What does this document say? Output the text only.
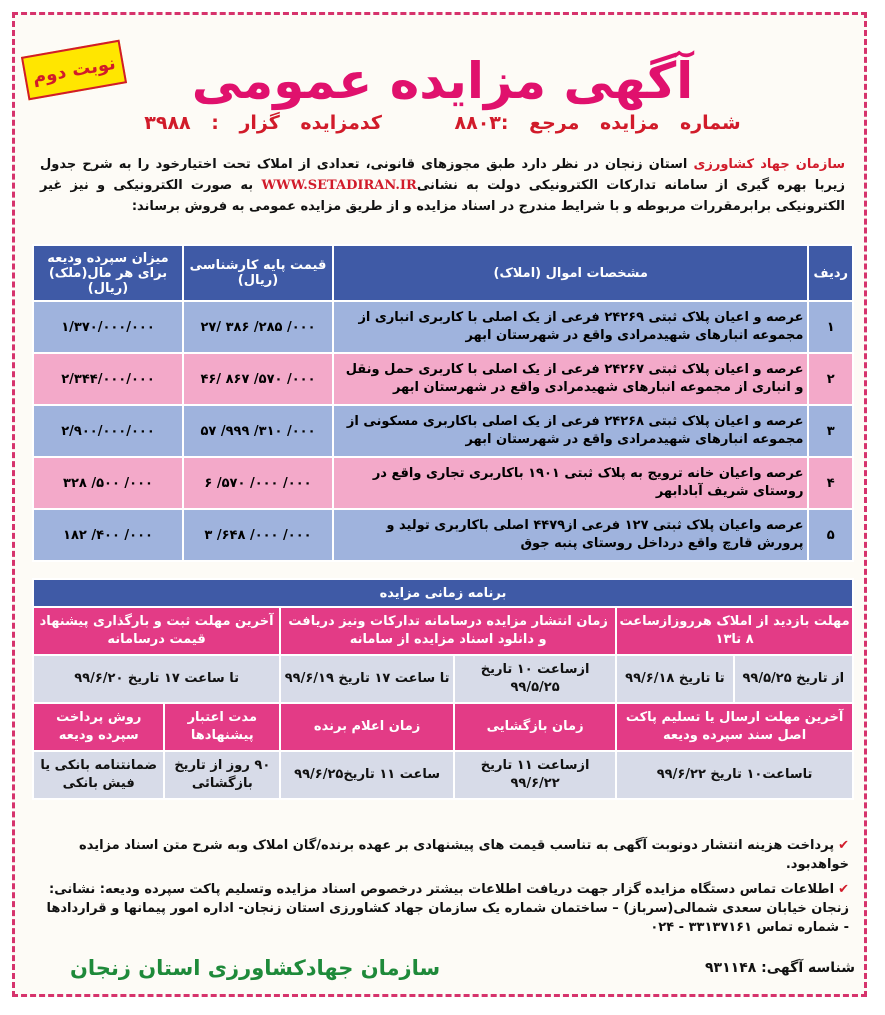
نوبت دوم	آگهی مزایده عمومی
شماره مزایده مرجع :۸۸۰۳ کدمزایده گزار : ۳۹۸۸
سازمان جهاد کشاورزی استان زنجان در نظر دارد طبق مجوزهای قانونی، تعدادی از املاک تحت اختیارخود را به شرح جدول زیربا بهره گیری از سامانه تدارکات الکترونیکی دولت به نشانیWWW.SETADIRAN.IR به صورت الکترونیکی و نیز غیر الکترونیکی برابرمقررات مربوطه و با شرایط مندرج در اسناد مزایده و از طریق مزایده عمومی به فروش برساند:
ردیف	مشخصات اموال (املاک)	قیمت پایه کارشناسی (ریال)	میزان سپرده ودیعه برای هر مال(ملک)(ریال)
۱	عرصه و اعیان پلاک ثبتی ۲۴۲۶۹ فرعی از یک اصلی با کاربری انباری از مجموعه انبارهای شهیدمرادی واقع در شهرستان ابهر	۲۷/ ۳۸۶ /۲۸۵ /۰۰۰	۱/۳۷۰/۰۰۰/۰۰۰
۲	عرصه و اعیان پلاک ثبتی ۲۴۲۶۷ فرعی از یک اصلی با کاربری حمل ونقل و انباری از مجموعه انبارهای شهیدمرادی واقع در شهرستان ابهر	۴۶/ ۸۶۷ /۵۷۰ /۰۰۰	۲/۳۴۴/۰۰۰/۰۰۰
۳	عرصه و اعیان پلاک ثبتی ۲۴۲۶۸ فرعی از یک اصلی باکاربری مسکونی از مجموعه انبارهای شهیدمرادی واقع در شهرستان ابهر	۵۷ /۹۹۹ /۳۱۰ /۰۰۰	۲/۹۰۰/۰۰۰/۰۰۰
۴	عرصه واعیان خانه ترویج به پلاک ثبتی ۱۹۰۱ باکاربری تجاری واقع در روستای شریف آبادابهر	۶ /۵۷۰ /۰۰۰ /۰۰۰	۳۲۸ /۵۰۰ /۰۰۰
۵	عرصه واعیان پلاک ثبتی ۱۲۷ فرعی از۴۴۷۹ اصلی باکاربری تولید و پرورش قارچ واقع درداخل روستای پنبه جوق	۳ /۶۴۸ /۰۰۰ /۰۰۰	۱۸۲ /۴۰۰ /۰۰۰
برنامه زمانی مزایده					
مهلت بازدید از املاک هرروزازساعت ۸ تا۱۳		زمان انتشار مزایده درسامانه تدارکات ونیز دریافت و دانلود اسناد مزایده از سامانه		آخرین مهلت ثبت و بارگذاری پیشنهاد قیمت درسامانه	
از تاریخ ۹۹/۵/۲۵	تا تاریخ ۹۹/۶/۱۸	ازساعت ۱۰ تاریخ ۹۹/۵/۲۵	تا ساعت ۱۷ تاریخ ۹۹/۶/۱۹	تا ساعت ۱۷ تاریخ ۹۹/۶/۲۰	
آخرین مهلت ارسال یا تسلیم پاکت اصل سند سپرده ودیعه		زمان بازگشایی	زمان اعلام برنده	مدت اعتبار پیشنهادها	روش پرداخت سپرده ودیعه
تاساعت۱۰ تاریخ ۹۹/۶/۲۲		ازساعت ۱۱ تاریخ ۹۹/۶/۲۲	ساعت ۱۱ تاریخ۹۹/۶/۲۵	۹۰ روز از تاریخ بازگشائی	ضمانتنامه بانکی یا فیش بانکی

✔پرداخت هزینه انتشار دونوبت آگهی به تناسب قیمت های پیشنهادی بر عهده برنده/گان املاک وبه شرح متن اسناد مزایده خواهدبود.

✔اطلاعات تماس دستگاه مزایده گزار جهت دریافت اطلاعات بیشتر درخصوص اسناد مزایده وتسلیم پاکت سپرده ودیعه: نشانی: زنجان خیابان سعدی شمالی(سرباز) – ساختمان شماره یک سازمان جهاد کشاورزی استان زنجان- اداره امور پیمانها و قراردادها - شماره تماس ۳۳۱۳۷۱۶۱ - ۰۲۴

شناسه آگهی: ۹۳۱۱۴۸
سازمان جهادکشاورزی استان زنجان
